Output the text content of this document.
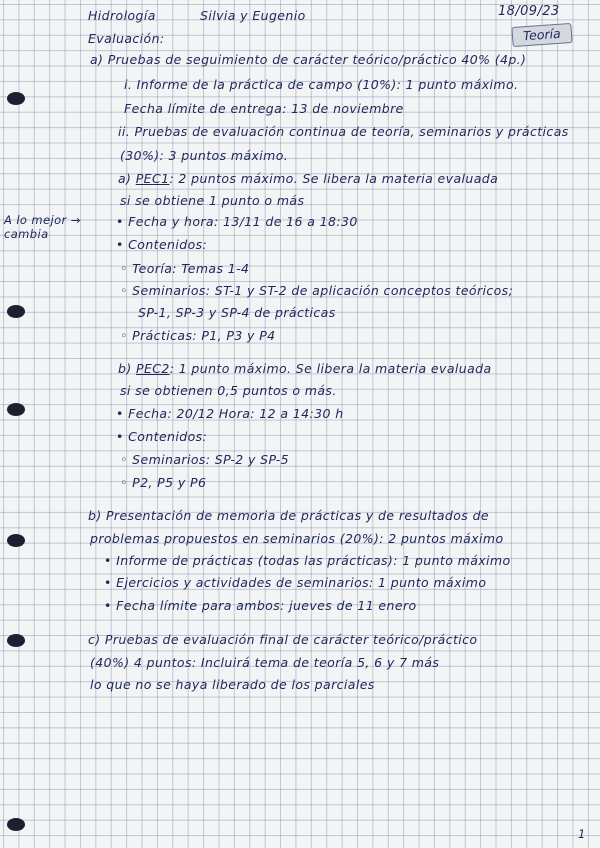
Hidrología	Silvia y Eugenio	18/09/23
Teoría
Evaluación:
a) Pruebas de seguimiento de carácter teórico/práctico 40% (4p.)
i. Informe de la práctica de campo (10%): 1 punto máximo.
Fecha límite de entrega: 13 de noviembre
ii. Pruebas de evaluación continua de teoría, seminarios y prácticas
(30%): 3 puntos máximo.
a) PEC1: 2 puntos máximo. Se libera la materia evaluada
si se obtiene 1 punto o más
A lo mejor →
cambia
• Fecha y hora: 13/11 de 16 a 18:30
• Contenidos:
◦ Teoría: Temas 1-4
◦ Seminarios: ST-1 y ST-2 de aplicación conceptos teóricos;
SP-1, SP-3 y SP-4 de prácticas
◦ Prácticas: P1, P3 y P4
b) PEC2: 1 punto máximo. Se libera la materia evaluada
si se obtienen 0,5 puntos o más.
• Fecha: 20/12 Hora: 12 a 14:30 h
• Contenidos:
◦ Seminarios: SP-2 y SP-5
◦ P2, P5 y P6
b) Presentación de memoria de prácticas y de resultados de
problemas propuestos en seminarios (20%): 2 puntos máximo
• Informe de prácticas (todas las prácticas): 1 punto máximo
• Ejercicios y actividades de seminarios: 1 punto máximo
• Fecha límite para ambos: jueves de 11 enero
c) Pruebas de evaluación final de carácter teórico/práctico
(40%) 4 puntos: Incluirá tema de teoría 5, 6 y 7 más
lo que no se haya liberado de los parciales
1
